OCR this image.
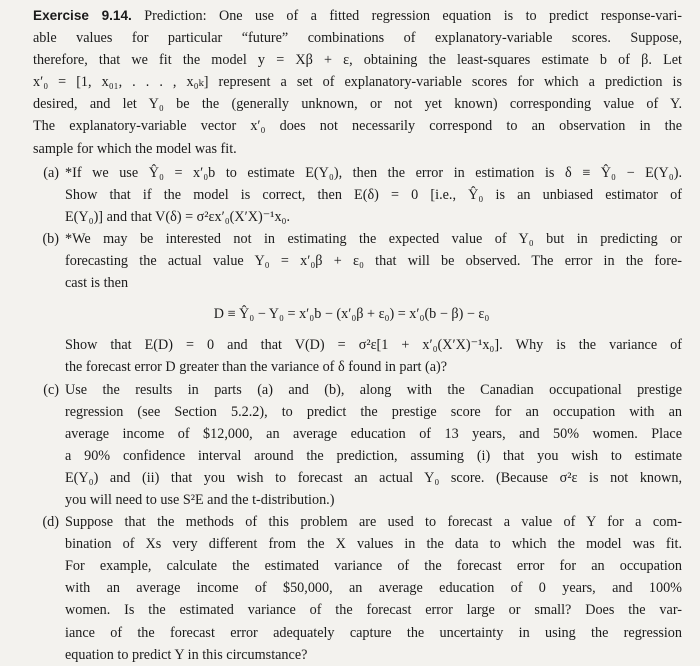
Exercise 9.14. Prediction: One use of a fitted regression equation is to predict response-vari-
able values for particular “future” combinations of explanatory-variable scores. Suppose,
therefore, that we fit the model y = Xβ + ε, obtaining the least-squares estimate b of β. Let
x′₀ = [1, x₀₁, . . . , x₀ₖ] represent a set of explanatory-variable scores for which a prediction is
desired, and let Y₀ be the (generally unknown, or not yet known) corresponding value of Y.
The explanatory-variable vector x′₀ does not necessarily correspond to an observation in the
sample for which the model was fit.

(a) *If we use Ŷ₀ = x′₀b to estimate E(Y₀), then the error in estimation is δ ≡ Ŷ₀ − E(Y₀).
Show that if the model is correct, then E(δ) = 0 [i.e., Ŷ₀ is an unbiased estimator of
E(Y₀)] and that V(δ) = σ²εx′₀(X′X)⁻¹x₀.
(b) *We may be interested not in estimating the expected value of Y₀ but in predicting or
forecasting the actual value Y₀ = x′₀β + ε₀ that will be observed. The error in the fore-
cast is then
D ≡ Ŷ₀ − Y₀ = x′₀b − (x′₀β + ε₀) = x′₀(b − β) − ε₀
Show that E(D) = 0 and that V(D) = σ²ε[1 + x′₀(X′X)⁻¹x₀]. Why is the variance of
the forecast error D greater than the variance of δ found in part (a)?
(c) Use the results in parts (a) and (b), along with the Canadian occupational prestige
regression (see Section 5.2.2), to predict the prestige score for an occupation with an
average income of $12,000, an average education of 13 years, and 50% women. Place
a 90% confidence interval around the prediction, assuming (i) that you wish to estimate
E(Y₀) and (ii) that you wish to forecast an actual Y₀ score. (Because σ²ε is not known,
you will need to use S²E and the t-distribution.)
(d) Suppose that the methods of this problem are used to forecast a value of Y for a com-
bination of Xs very different from the X values in the data to which the model was fit.
For example, calculate the estimated variance of the forecast error for an occupation
with an average income of $50,000, an average education of 0 years, and 100%
women. Is the estimated variance of the forecast error large or small? Does the var-
iance of the forecast error adequately capture the uncertainty in using the regression
equation to predict Y in this circumstance?
